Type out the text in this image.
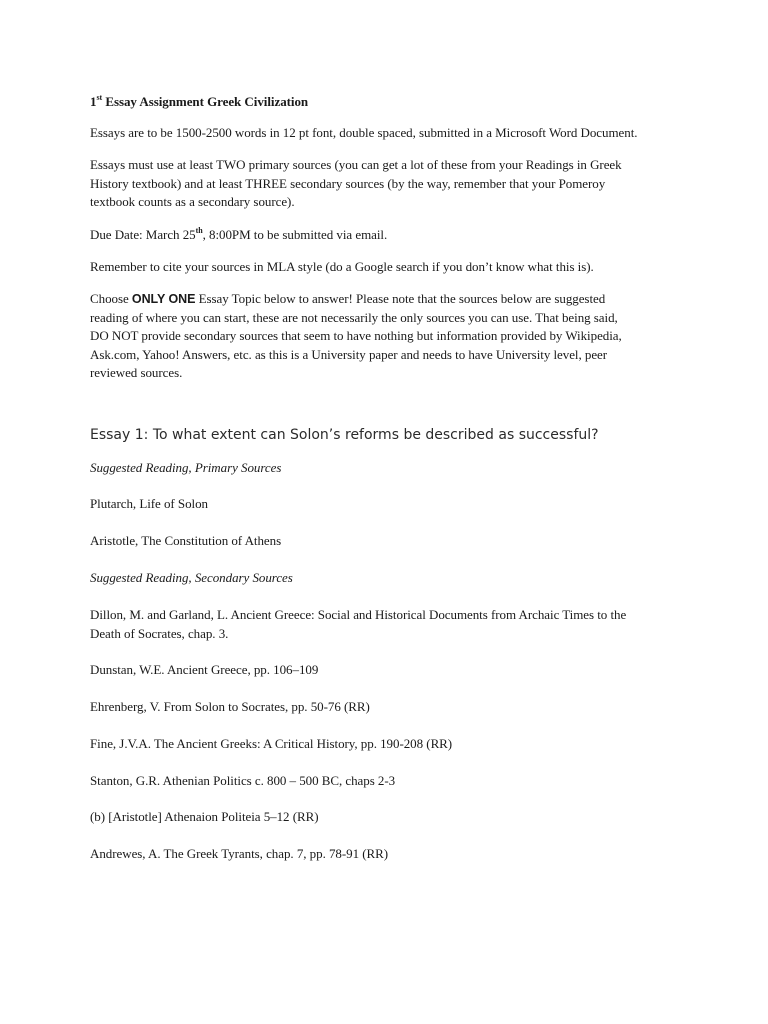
1st Essay Assignment Greek Civilization
Essays are to be 1500-2500 words in 12 pt font, double spaced, submitted in a Microsoft Word Document.
Essays must use at least TWO primary sources (you can get a lot of these from your Readings in Greek
History textbook) and at least THREE secondary sources (by the way, remember that your Pomeroy
textbook counts as a secondary source).
Due Date: March 25th, 8:00PM to be submitted via email.
Remember to cite your sources in MLA style (do a Google search if you don’t know what this is).
Choose ONLY ONE Essay Topic below to answer! Please note that the sources below are suggested
reading of where you can start, these are not necessarily the only sources you can use. That being said,
DO NOT provide secondary sources that seem to have nothing but information provided by Wikipedia,
Ask.com, Yahoo! Answers, etc. as this is a University paper and needs to have University level, peer
reviewed sources.
Essay 1: To what extent can Solon’s reforms be described as successful?
Suggested Reading, Primary Sources
Plutarch, Life of Solon
Aristotle, The Constitution of Athens
Suggested Reading, Secondary Sources
Dillon, M. and Garland, L. Ancient Greece: Social and Historical Documents from Archaic Times to the
Death of Socrates, chap. 3.
Dunstan, W.E. Ancient Greece, pp. 106–109
Ehrenberg, V. From Solon to Socrates, pp. 50-76 (RR)
Fine, J.V.A. The Ancient Greeks: A Critical History, pp. 190-208 (RR)
Stanton, G.R. Athenian Politics c. 800 – 500 BC, chaps 2-3
(b) [Aristotle] Athenaion Politeia 5–12 (RR)
Andrewes, A. The Greek Tyrants, chap. 7, pp. 78-91 (RR)
